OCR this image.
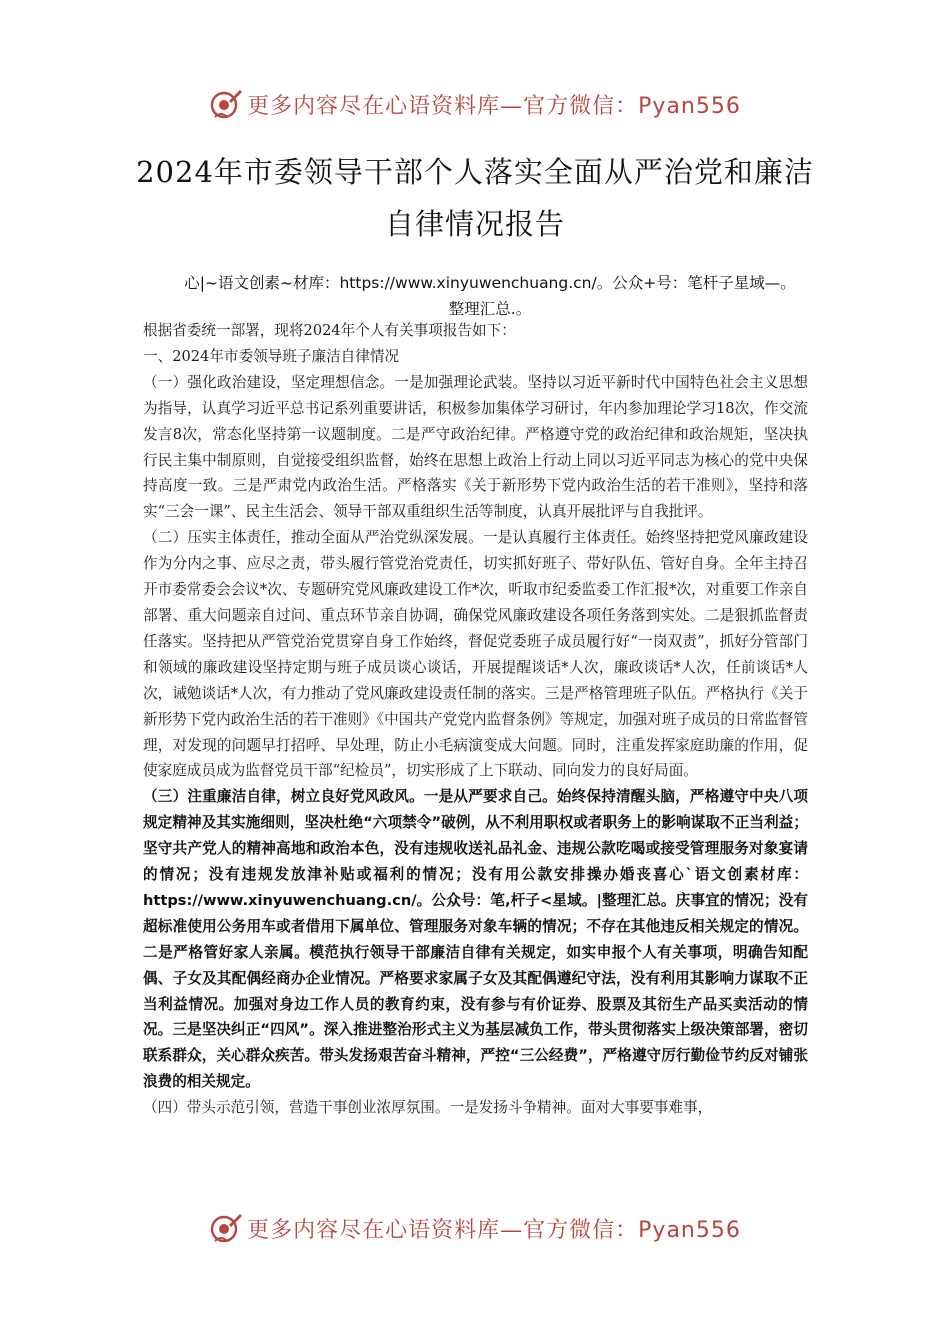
更多内容尽在心语资料库—官方微信：Pyan556
2024年市委领导干部个人落实全面从严治党和廉洁
自律情况报告
心|~语文创素~材库：https://www.xinyuwenchuang.cn/。公众+号：笔杆子星域—。
整理汇总.。

根据省委统一部署，现将2024年个人有关事项报告如下：

一、2024年市委领导班子廉洁自律情况

（一）强化政治建设，坚定理想信念。一是加强理论武装。坚持以习近平新时代中国特色社会主义思想为指导，认真学习近平总书记系列重要讲话，积极参加集体学习研讨，年内参加理论学习18次，作交流发言8次，常态化坚持第一议题制度。二是严守政治纪律。严格遵守党的政治纪律和政治规矩，坚决执行民主集中制原则，自觉接受组织监督，始终在思想上政治上行动上同以习近平同志为核心的党中央保持高度一致。三是严肃党内政治生活。严格落实《关于新形势下党内政治生活的若干准则》，坚持和落实“三会一课”、民主生活会、领导干部双重组织生活等制度，认真开展批评与自我批评。

（二）压实主体责任，推动全面从严治党纵深发展。一是认真履行主体责任。始终坚持把党风廉政建设作为分内之事、应尽之责，带头履行管党治党责任，切实抓好班子、带好队伍、管好自身。全年主持召开市委常委会会议*次、专题研究党风廉政建设工作*次，听取市纪委监委工作汇报*次，对重要工作亲自部署、重大问题亲自过问、重点环节亲自协调，确保党风廉政建设各项任务落到实处。二是狠抓监督责任落实。坚持把从严管党治党贯穿自身工作始终，督促党委班子成员履行好“一岗双责”，抓好分管部门和领域的廉政建设坚持定期与班子成员谈心谈话，开展提醒谈话*人次，廉政谈话*人次，任前谈话*人次，诫勉谈话*人次，有力推动了党风廉政建设责任制的落实。三是严格管理班子队伍。严格执行《关于新形势下党内政治生活的若干准则》《中国共产党党内监督条例》等规定，加强对班子成员的日常监督管理，对发现的问题早打招呼、早处理，防止小毛病演变成大问题。同时，注重发挥家庭助廉的作用，促使家庭成员成为监督党员干部“纪检员”，切实形成了上下联动、同向发力的良好局面。

（三）注重廉洁自律，树立良好党风政风。一是从严要求自己。始终保持清醒头脑，严格遵守中央八项规定精神及其实施细则，坚决杜绝“六项禁令”破例，从不利用职权或者职务上的影响谋取不正当利益；坚守共产党人的精神高地和政治本色，没有违规收送礼品礼金、违规公款吃喝或接受管理服务对象宴请的情况；没有违规发放津补贴或福利的情况；没有用公款安排操办婚丧喜心`语文创素材库：https://www.xinyuwenchuang.cn/。公众号：笔,杆子<星域。|整理汇总。庆事宜的情况；没有超标准使用公务用车或者借用下属单位、管理服务对象车辆的情况；不存在其他违反相关规定的情况。二是严格管好家人亲属。模范执行领导干部廉洁自律有关规定，如实申报个人有关事项，明确告知配偶、子女及其配偶经商办企业情况。严格要求家属子女及其配偶遵纪守法，没有利用其影响力谋取不正当利益情况。加强对身边工作人员的教育约束，没有参与有价证券、股票及其衍生产品买卖活动的情况。三是坚决纠正“四风”。深入推进整治形式主义为基层减负工作，带头贯彻落实上级决策部署，密切联系群众，关心群众疾苦。带头发扬艰苦奋斗精神，严控“三公经费”，严格遵守厉行勤俭节约反对铺张浪费的相关规定。

（四）带头示范引领，营造干事创业浓厚氛围。一是发扬斗争精神。面对大事要事难事，

更多内容尽在心语资料库—官方微信：Pyan556
